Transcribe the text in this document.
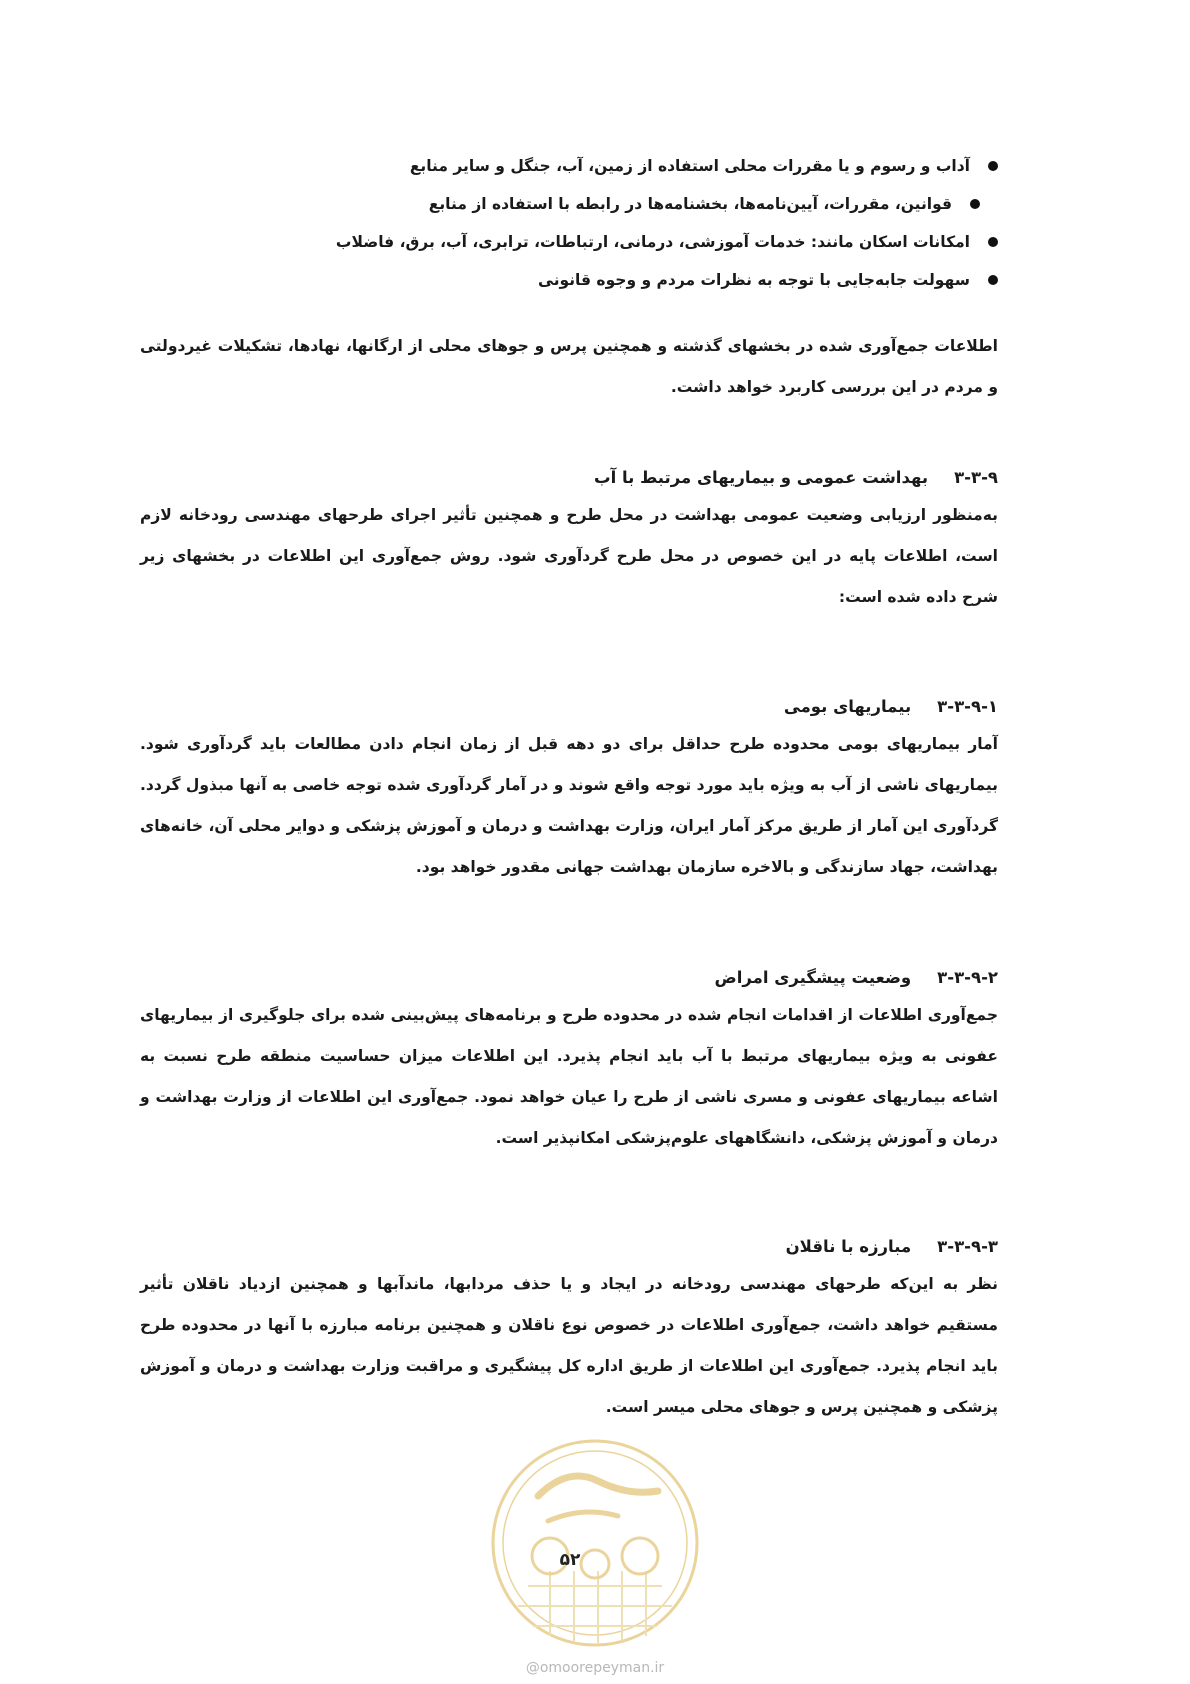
آداب و رسوم و یا مقررات محلی استفاده از زمین، آب، جنگل و سایر منابع
قوانین، مقررات، آیین‌نامه‌ها، بخشنامه‌ها در رابطه با استفاده از منابع
امکانات اسکان مانند: خدمات آموزشی، درمانی، ارتباطات، ترابری، آب، برق، فاضلاب
سهولت جابه‌جایی با توجه به نظرات مردم و وجوه قانونی

اطلاعات جمع‌آوری شده در بخشهای گذشته و همچنین پرس و جوهای محلی از ارگانها، نهادها، تشکیلات غیردولتی و مردم در این بررسی کاربرد خواهد داشت.

۳-۳-۹بهداشت عمومی و بیماریهای مرتبط با آب

به‌منظور ارزیابی وضعیت عمومی بهداشت در محل طرح و همچنین تأثیر اجرای طرحهای مهندسی رودخانه لازم است، اطلاعات پایه در این خصوص در محل طرح گردآوری شود. روش جمع‌آوری این اطلاعات در بخشهای زیر شرح داده شده است:

۳-۳-۹-۱بیماریهای بومی

آمار بیماریهای بومی محدوده طرح حداقل برای دو دهه قبل از زمان انجام دادن مطالعات باید گردآوری شود. بیماریهای ناشی از آب به ویژه باید مورد توجه واقع شوند و در آمار گردآوری شده توجه خاصی به آنها مبذول گردد. گردآوری این آمار از طریق مرکز آمار ایران، وزارت بهداشت و درمان و آموزش پزشکی و دوایر محلی آن، خانه‌های بهداشت، جهاد سازندگی و بالاخره سازمان بهداشت جهانی مقدور خواهد بود.

۳-۳-۹-۲وضعیت پیشگیری امراض

جمع‌آوری اطلاعات از اقدامات انجام شده در محدوده طرح و برنامه‌های پیش‌بینی شده برای جلوگیری از بیماریهای عفونی به ویژه بیماریهای مرتبط با آب باید انجام پذیرد. این اطلاعات میزان حساسیت منطقه طرح نسبت به اشاعه بیماریهای عفونی و مسری ناشی از طرح را عیان خواهد نمود. جمع‌آوری این اطلاعات از وزارت بهداشت و درمان و آموزش پزشکی، دانشگاههای علوم‌پزشکی امکانپذیر است.

۳-۳-۹-۳مبارزه با ناقلان

نظر به این‌که طرحهای مهندسی رودخانه در ایجاد و یا حذف مردابها، ماندآبها و همچنین ازدیاد ناقلان تأثیر مستقیم خواهد داشت، جمع‌آوری اطلاعات در خصوص نوع ناقلان و همچنین برنامه مبارزه با آنها در محدوده طرح باید انجام پذیرد. جمع‌آوری این اطلاعات از طریق اداره کل پیشگیری و مراقبت وزارت بهداشت و درمان و آموزش پزشکی و همچنین پرس و جوهای محلی میسر است.

۵۲
@omoorepeyman.ir
